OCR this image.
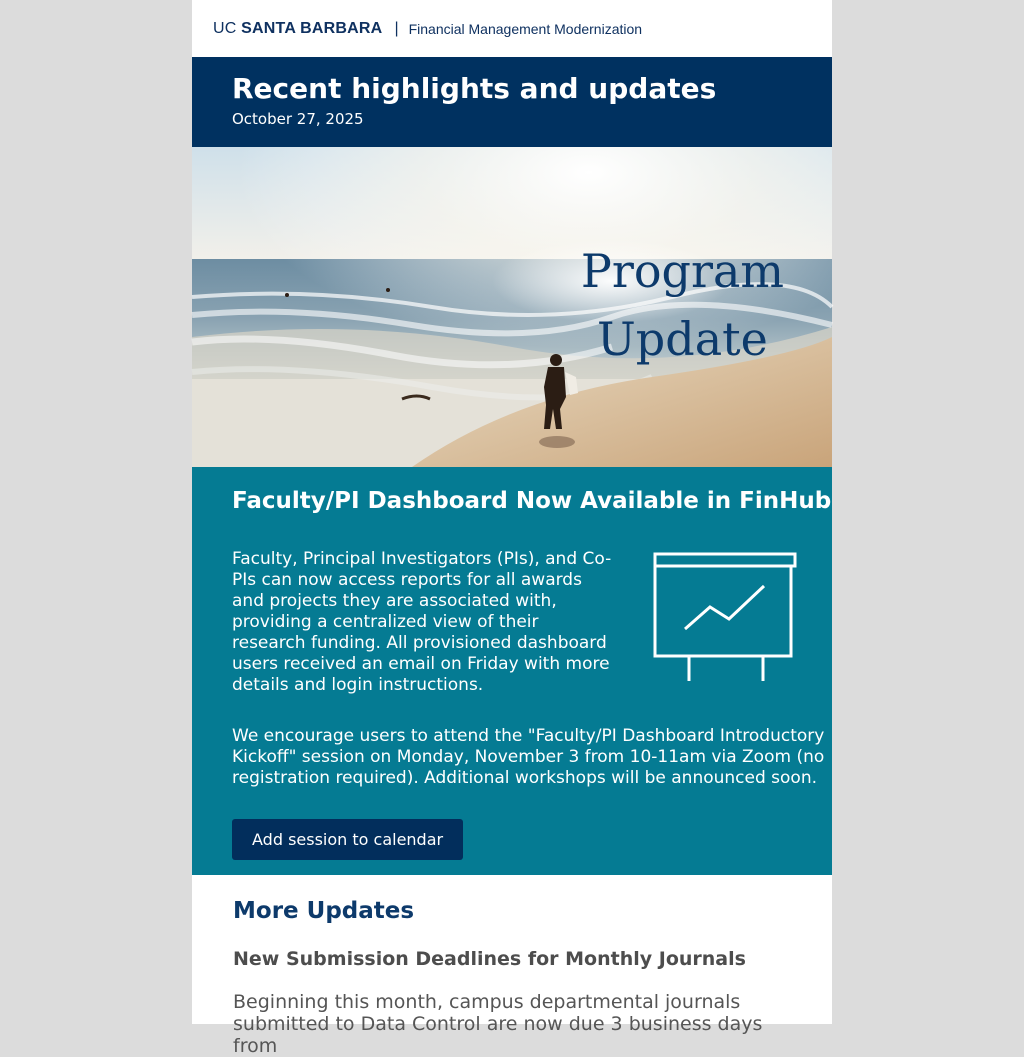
UC SANTA BARBARA | Financial Management Modernization
Recent highlights and updates
October 27, 2025
Program
Update
Faculty/PI Dashboard Now Available in FinHub
Faculty, Principal Investigators (PIs), and Co-PIs can now access reports for all awards and projects they are associated with, providing a centralized view of their research funding. All provisioned dashboard users received an email on Friday with more details and login instructions.
We encourage users to attend the "Faculty/PI Dashboard Introductory Kickoff" session on Monday, November 3 from 10-11am via Zoom (no registration required). Additional workshops will be announced soon.
Add session to calendar
More Updates
New Submission Deadlines for Monthly Journals
Beginning this month, campus departmental journals submitted to Data Control are now due 3 business days from
